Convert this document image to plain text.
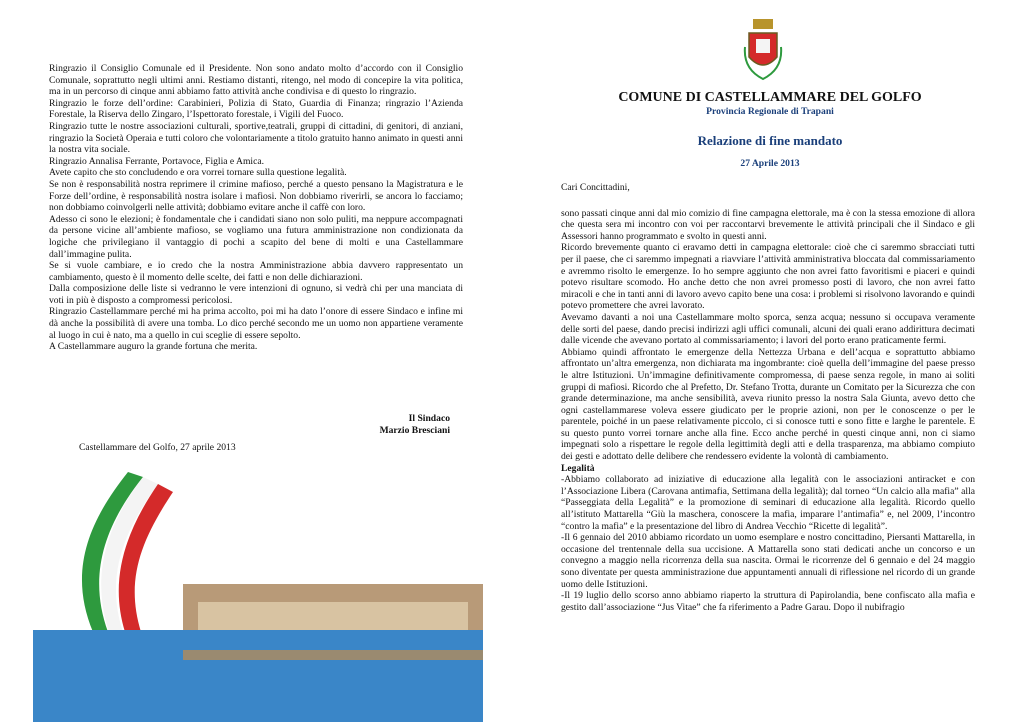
Ringrazio il Consiglio Comunale ed il Presidente. Non sono andato molto d’accordo con il Consiglio Comunale, soprattutto negli ultimi anni. Restiamo distanti, ritengo, nel modo di concepire la vita politica, ma in un percorso di cinque anni abbiamo fatto attività anche condivisa e di questo lo ringrazio.

Ringrazio le forze dell’ordine: Carabinieri, Polizia di Stato, Guardia di Finanza; ringrazio l’Azienda Forestale, la Riserva dello Zingaro, l’Ispettorato forestale, i Vigili del Fuoco.

Ringrazio tutte le nostre associazioni culturali, sportive,teatrali, gruppi di cittadini, di genitori, di anziani, ringrazio la Società Operaia e tutti coloro che volontariamente a titolo gratuito hanno animato in questi anni la nostra vita sociale.

Ringrazio Annalisa Ferrante, Portavoce, Figlia e Amica.

Avete capito che sto concludendo e ora vorrei tornare sulla questione legalità.

Se non è responsabilità nostra reprimere il crimine mafioso, perché a questo pensano la Magistratura e le Forze dell’ordine, è responsabilità nostra isolare i mafiosi. Non dobbiamo riverirli, se ancora lo facciamo; non dobbiamo coinvolgerli nelle attività; dobbiamo evitare anche il caffè con loro.

Adesso ci sono le elezioni; è fondamentale che i candidati siano non solo puliti, ma neppure accompagnati da persone vicine all’ambiente mafioso, se vogliamo una futura amministrazione non condizionata da logiche che privilegiano il vantaggio di pochi a scapito del bene di molti e una Castellammare dall’immagine pulita.

Se si vuole cambiare, e io credo che la nostra Amministrazione abbia davvero rappresentato un cambiamento, questo è il momento delle scelte, dei fatti e non delle dichiarazioni.

Dalla composizione delle liste si vedranno le vere intenzioni di ognuno, si vedrà chi per una manciata di voti in più è disposto a compromessi pericolosi.

Ringrazio Castellammare perché mi ha prima accolto, poi mi ha dato l’onore di essere Sindaco e infine mi dà anche la possibilità di avere una tomba. Lo dico perché secondo me un uomo non appartiene veramente al luogo in cui è nato, ma a quello in cui sceglie di essere sepolto.

A Castellammare auguro la grande fortuna che merita.

Il Sindaco
Marzio Bresciani
Castellammare del Golfo, 27 aprile 2013
COMUNE DI CASTELLAMMARE DEL GOLFO
Provincia Regionale di Trapani
Relazione di fine mandato
27 Aprile 2013

Cari Concittadini,

sono passati cinque anni dal mio comizio di fine campagna elettorale, ma è con la stessa emozione di allora che questa sera mi incontro con voi per raccontarvi brevemente le attività principali che il Sindaco e gli Assessori hanno programmato e svolto in questi anni.

Ricordo brevemente quanto ci eravamo detti in campagna elettorale: cioè che ci saremmo sbracciati tutti per il paese, che ci saremmo impegnati a riavviare l’attività amministrativa bloccata dal commissariamento e avremmo risolto le emergenze. Io ho sempre aggiunto che non avrei fatto favoritismi e piaceri e quindi potevo risultare scomodo. Ho anche detto che non avrei promesso posti di lavoro, che non avrei fatto miracoli e che in tanti anni di lavoro avevo capito bene una cosa: i problemi si risolvono lavorando e quindi potevo promettere che avrei lavorato.

Avevamo davanti a noi una Castellammare molto sporca, senza acqua; nessuno si occupava veramente delle sorti del paese, dando precisi indirizzi agli uffici comunali, alcuni dei quali erano addirittura decimati dalle vicende che avevano portato al commissariamento; i lavori del porto erano praticamente fermi.

Abbiamo quindi affrontato le emergenze della Nettezza Urbana e dell’acqua e soprattutto abbiamo affrontato un’altra emergenza, non dichiarata ma ingombrante: cioè quella dell’immagine del paese presso le altre Istituzioni. Un’immagine definitivamente compromessa, di paese senza regole, in mano ai soliti gruppi di mafiosi. Ricordo che al Prefetto, Dr. Stefano Trotta, durante un Comitato per la Sicurezza che con grande determinazione, ma anche sensibilità, aveva riunito presso la nostra Sala Giunta, avevo detto che ogni castellammarese voleva essere giudicato per le proprie azioni, non per le conoscenze o per le parentele, poiché in un paese relativamente piccolo, ci si conosce tutti e sono fitte e larghe le parentele. E su questo punto vorrei tornare anche alla fine. Ecco anche perché in questi cinque anni, non ci siamo impegnati solo a rispettare le regole della legittimità degli atti e della trasparenza, ma abbiamo compiuto dei gesti e adottato delle delibere che rendessero evidente la volontà di cambiamento.

Legalità

-Abbiamo collaborato ad iniziative di educazione alla legalità con le associazioni antiracket e con l’Associazione Libera (Carovana antimafia, Settimana della legalità); dal torneo “Un calcio alla mafia” alla “Passeggiata della Legalità” e la promozione di seminari di educazione alla legalità. Ricordo quello all’istituto Mattarella “Giù la maschera, conoscere la mafia, imparare l’antimafia” e, nel 2009, l’incontro “contro la mafia” e la presentazione del libro di Andrea Vecchio “Ricette di legalità”.

-Il 6 gennaio del 2010 abbiamo ricordato un uomo esemplare e nostro concittadino, Piersanti Mattarella, in occasione del trentennale della sua uccisione. A Mattarella sono stati dedicati anche un concorso e un convegno a maggio nella ricorrenza della sua nascita. Ormai le ricorrenze del 6 gennaio e del 24 maggio sono diventate per questa amministrazione due appuntamenti annuali di riflessione nel ricordo di un grande uomo delle Istituzioni.

-Il 19 luglio dello scorso anno abbiamo riaperto la struttura di Papirolandia, bene confiscato alla mafia e gestito dall’associazione “Jus Vitae” che fa riferimento a Padre Garau. Dopo il nubifragio
